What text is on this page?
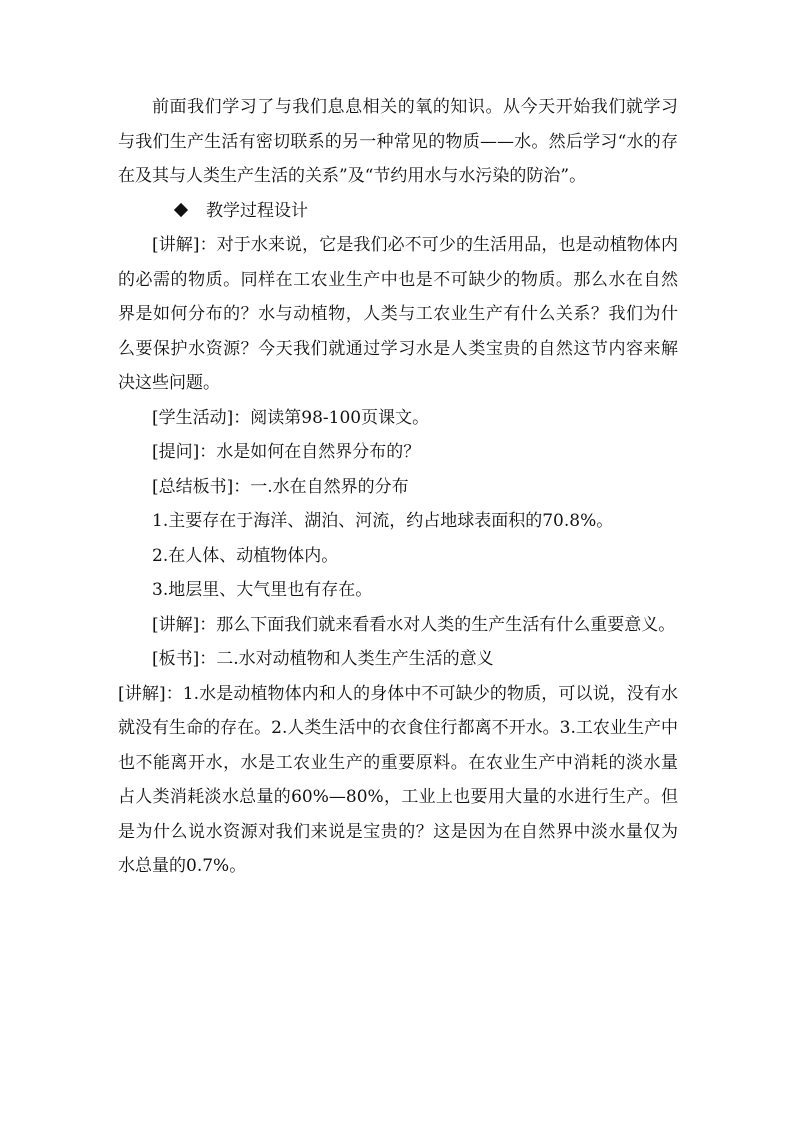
前面我们学习了与我们息息相关的氧的知识。从今天开始我们就学习与我们生产生活有密切联系的另一种常见的物质——水。然后学习“水的存在及其与人类生产生活的关系”及“节约用水与水污染的防治”。

教学过程设计

[讲解]：对于水来说，它是我们必不可少的生活用品，也是动植物体内的必需的物质。同样在工农业生产中也是不可缺少的物质。那么水在自然界是如何分布的？水与动植物，人类与工农业生产有什么关系？我们为什么要保护水资源？今天我们就通过学习水是人类宝贵的自然这节内容来解决这些问题。

[学生活动]：阅读第98-100页课文。

[提问]：水是如何在自然界分布的？

[总结板书]：一.水在自然界的分布

1.主要存在于海洋、湖泊、河流，约占地球表面积的70.8%。

2.在人体、动植物体内。

3.地层里、大气里也有存在。

[讲解]：那么下面我们就来看看水对人类的生产生活有什么重要意义。

[板书]：二.水对动植物和人类生产生活的意义

[讲解]：1.水是动植物体内和人的身体中不可缺少的物质，可以说，没有水就没有生命的存在。2.人类生活中的衣食住行都离不开水。3.工农业生产中也不能离开水，水是工农业生产的重要原料。在农业生产中消耗的淡水量占人类消耗淡水总量的60%—80%，工业上也要用大量的水进行生产。但是为什么说水资源对我们来说是宝贵的？这是因为在自然界中淡水量仅为水总量的0.7%。
